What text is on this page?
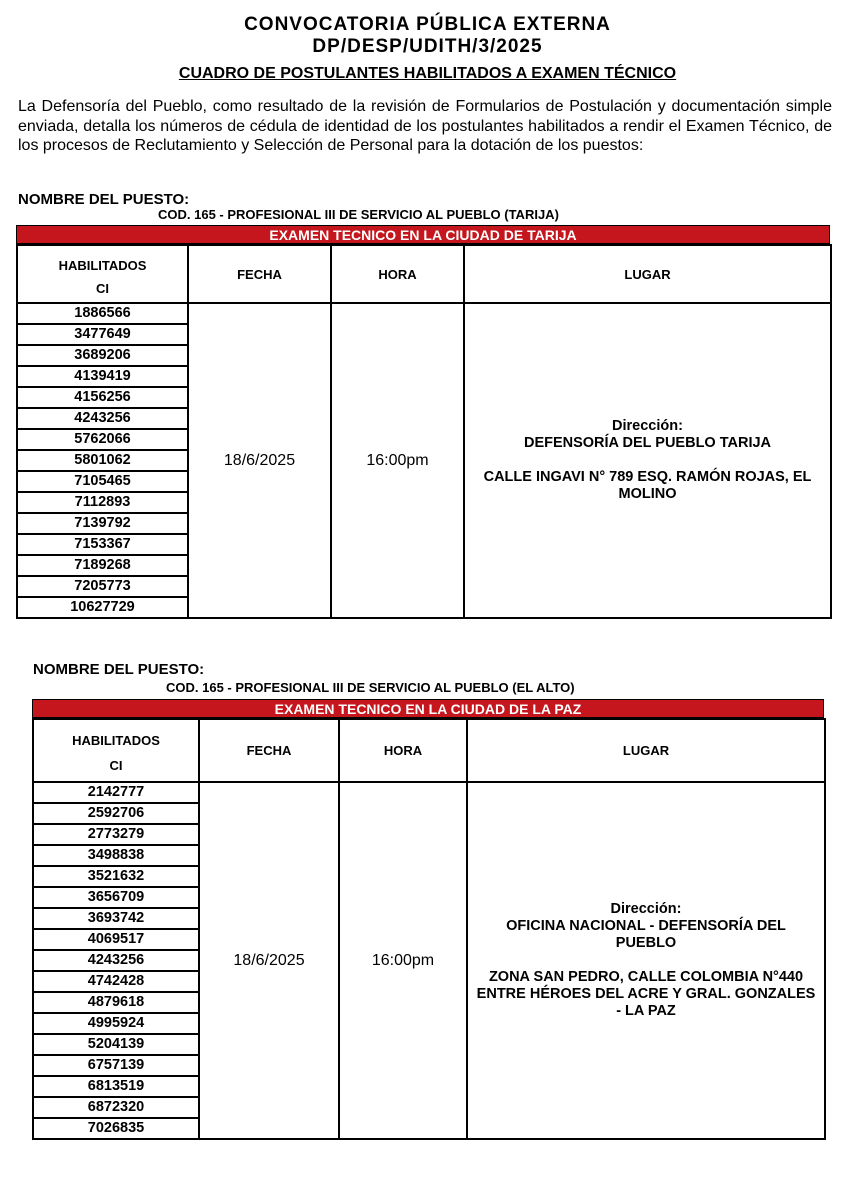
CONVOCATORIA PÚBLICA EXTERNA
DP/DESP/UDITH/3/2025
CUADRO DE POSTULANTES HABILITADOS A EXAMEN TÉCNICO

La Defensoría del Pueblo, como resultado de la revisión de Formularios de Postulación y documentación simple enviada, detalla los números de cédula de identidad de los postulantes habilitados a rendir el Examen Técnico, de los procesos de Reclutamiento y Selección de Personal para la dotación de los puestos:

NOMBRE DEL PUESTO:

COD. 165 - PROFESIONAL III DE SERVICIO AL PUEBLO (TARIJA)

EXAMEN TECNICO EN LA CIUDAD DE TARIJA
HABILITADOS
CI	FECHA	HORA	LUGAR
1886566	18/6/2025	16:00pm	Dirección:

DEFENSORÍA DEL PUEBLO TARIJA

CALLE INGAVI N° 789 ESQ. RAMÓN ROJAS, EL MOLINO

3477649			
3689206			
4139419			
4156256			
4243256			
5762066			
5801062			
7105465			
7112893			
7139792			
7153367			
7189268			
7205773			
10627729			

NOMBRE DEL PUESTO:

COD. 165 - PROFESIONAL III DE SERVICIO AL PUEBLO (EL ALTO)

EXAMEN TECNICO EN LA CIUDAD DE LA PAZ
HABILITADOS
CI	FECHA	HORA	LUGAR
2142777	18/6/2025	16:00pm	Dirección:

OFICINA NACIONAL - DEFENSORÍA DEL PUEBLO

ZONA SAN PEDRO, CALLE COLOMBIA N°440 ENTRE HÉROES DEL ACRE Y GRAL. GONZALES - LA PAZ

2592706			
2773279			
3498838			
3521632			
3656709			
3693742			
4069517			
4243256			
4742428			
4879618			
4995924			
5204139			
6757139			
6813519			
6872320			
7026835			
